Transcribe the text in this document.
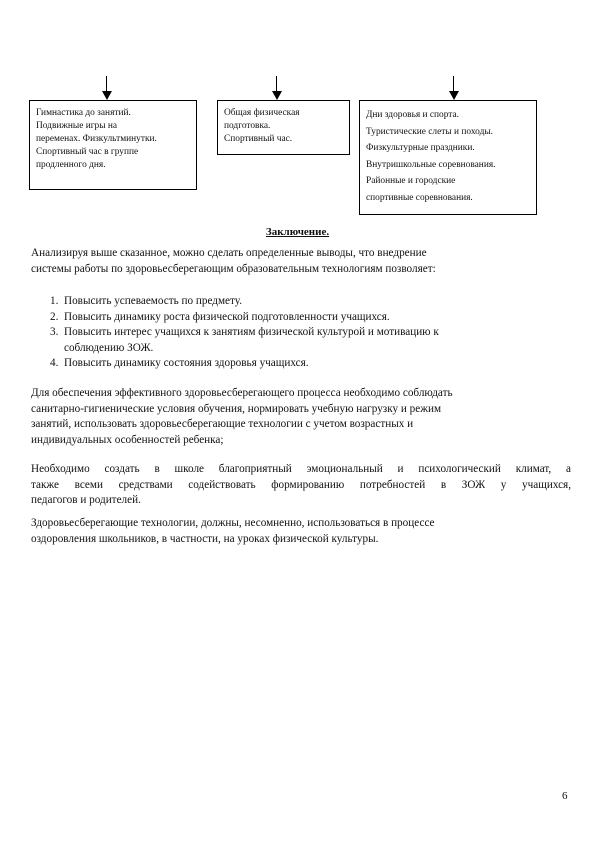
Гимнастика до занятий.
Подвижные игры на
переменах. Физкультминутки.
Спортивный час в группе
продленного дня.
Общая физическая
подготовка.
Спортивный час.
Дни здоровья и спорта.
Туристические слеты и походы.
Физкультурные праздники.
Внутришкольные соревнования.
Районные и городские
спортивные соревнования.
Заключение.
Анализируя выше сказанное, можно сделать определенные выводы, что внедрение
системы работы по здоровьесберегающим образовательным технологиям позволяет:
1. Повысить успеваемость по предмету.
2. Повысить динамику роста физической подготовленности учащихся.
3. Повысить интерес учащихся к занятиям физической культурой и мотивацию к
соблюдению ЗОЖ.
4. Повысить динамику состояния здоровья учащихся.
Для обеспечения эффективного здоровьесберегающего процесса необходимо соблюдать
санитарно-гигиенические условия обучения, нормировать учебную нагрузку и режим
занятий, использовать здоровьесберегающие технологии с учетом возрастных и
индивидуальных особенностей ребенка;
Необходимо создать в школе благоприятный эмоциональный и психологический климат, а
также всеми средствами содействовать формированию потребностей в ЗОЖ у учащихся,
педагогов и родителей.
Здоровьесберегающие технологии, должны, несомненно, использоваться в процессе
оздоровления школьников, в частности, на уроках физической культуры.
6
